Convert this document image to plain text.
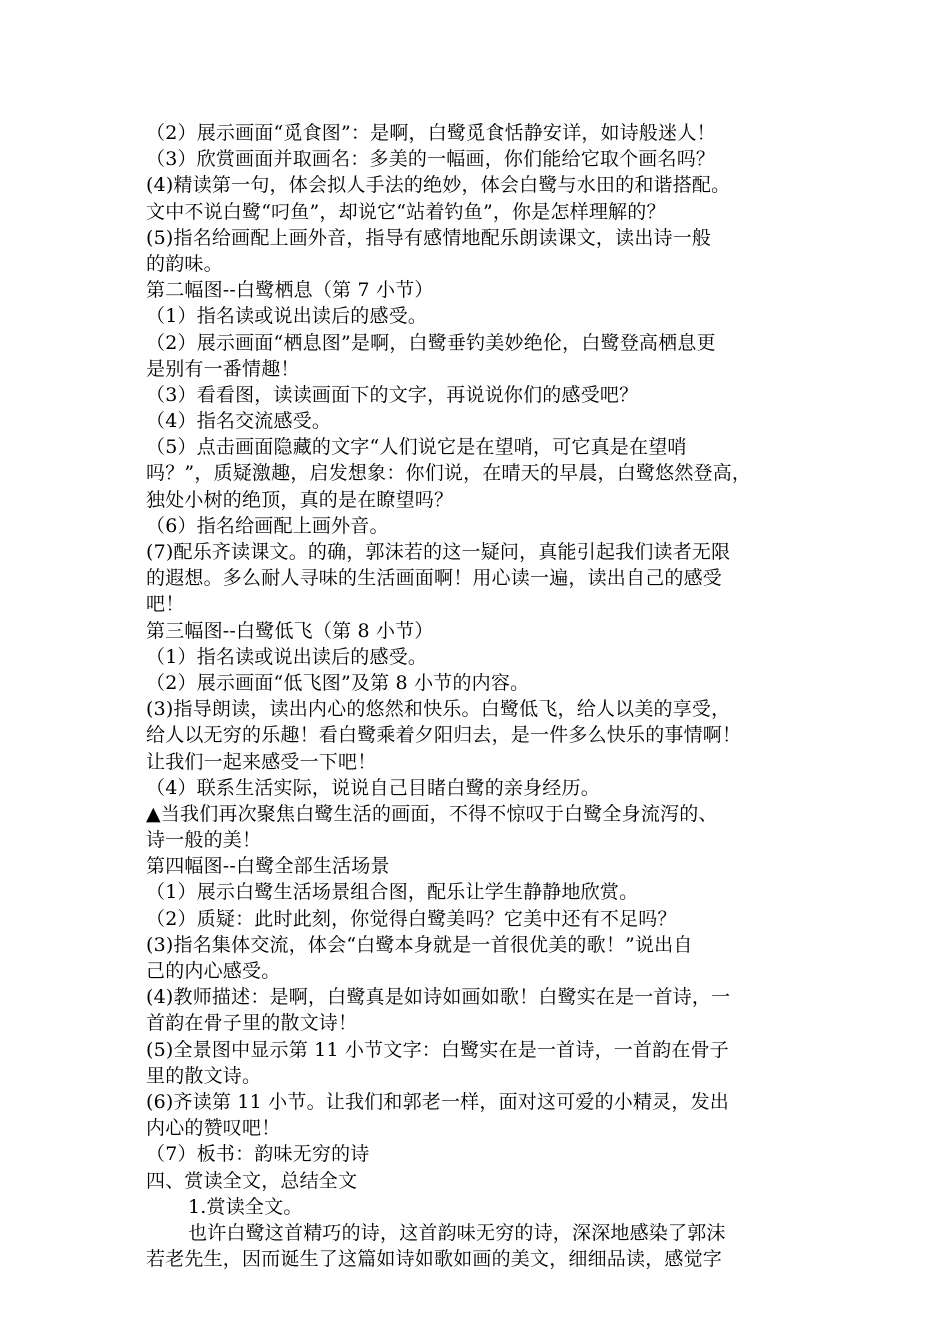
（2）展示画面“觅食图”：是啊，白鹭觅食恬静安详，如诗般迷人！
（3）欣赏画面并取画名：多美的一幅画，你们能给它取个画名吗？
(4)精读第一句，体会拟人手法的绝妙，体会白鹭与水田的和谐搭配。
文中不说白鹭“叼鱼”，却说它“站着钓鱼”，你是怎样理解的？
(5)指名给画配上画外音，指导有感情地配乐朗读课文，读出诗一般
的韵味。
第二幅图--白鹭栖息（第 7 小节）
（1）指名读或说出读后的感受。
（2）展示画面“栖息图”是啊，白鹭垂钓美妙绝伦，白鹭登高栖息更
是别有一番情趣！
（3）看看图，读读画面下的文字，再说说你们的感受吧？
（4）指名交流感受。
（5）点击画面隐藏的文字“人们说它是在望哨，可它真是在望哨
吗？”，质疑激趣，启发想象：你们说，在晴天的早晨，白鹭悠然登高，
独处小树的绝顶，真的是在瞭望吗？
（6）指名给画配上画外音。
(7)配乐齐读课文。的确，郭沫若的这一疑问，真能引起我们读者无限
的遐想。多么耐人寻味的生活画面啊！用心读一遍，读出自己的感受
吧！
第三幅图--白鹭低飞（第 8 小节）
（1）指名读或说出读后的感受。
（2）展示画面“低飞图”及第 8 小节的内容。
(3)指导朗读，读出内心的悠然和快乐。白鹭低飞，给人以美的享受，
给人以无穷的乐趣！看白鹭乘着夕阳归去，是一件多么快乐的事情啊！
让我们一起来感受一下吧！
（4）联系生活实际，说说自己目睹白鹭的亲身经历。
▲当我们再次聚焦白鹭生活的画面，不得不惊叹于白鹭全身流泻的、
诗一般的美！
第四幅图--白鹭全部生活场景
（1）展示白鹭生活场景组合图，配乐让学生静静地欣赏。
（2）质疑：此时此刻，你觉得白鹭美吗？它美中还有不足吗？
(3)指名集体交流，体会“白鹭本身就是一首很优美的歌！”说出自
己的内心感受。
(4)教师描述：是啊，白鹭真是如诗如画如歌！白鹭实在是一首诗，一
首韵在骨子里的散文诗！
(5)全景图中显示第 11 小节文字：白鹭实在是一首诗，一首韵在骨子
里的散文诗。
(6)齐读第 11 小节。让我们和郭老一样，面对这可爱的小精灵，发出
内心的赞叹吧！
（7）板书：韵味无穷的诗
四、赏读全文，总结全文
1.赏读全文。
也许白鹭这首精巧的诗，这首韵味无穷的诗，深深地感染了郭沫
若老先生，因而诞生了这篇如诗如歌如画的美文，细细品读，感觉字
